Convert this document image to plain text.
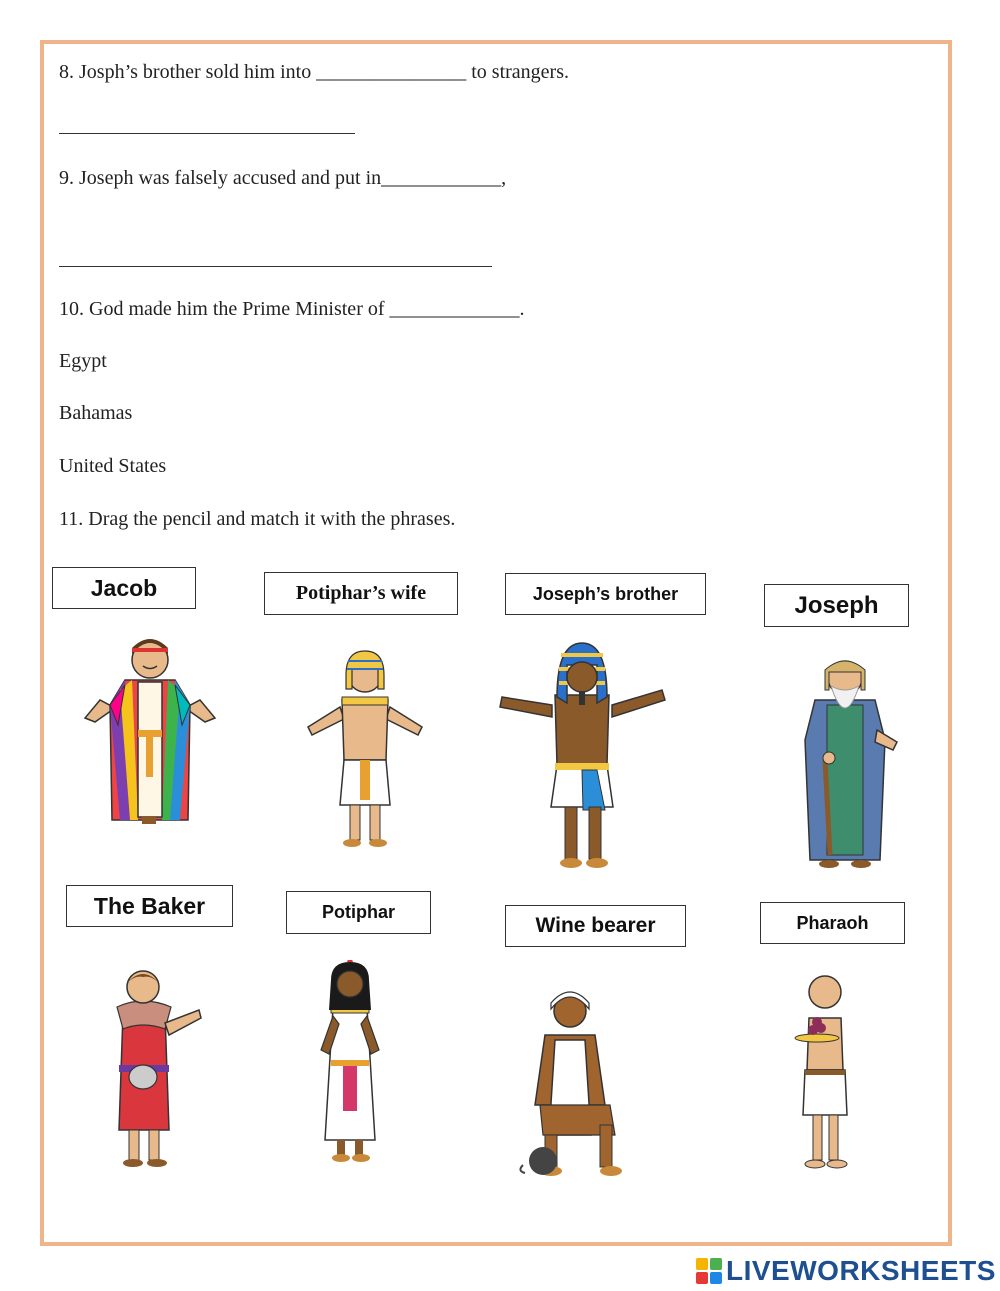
8. Josph’s brother sold him into _______________ to strangers.
9. Joseph was falsely accused and put in____________,
10. God made him the Prime Minister of _____________.
Egypt
Bahamas
United States
11. Drag the pencil and match it with the phrases.
Jacob	Potiphar’s wife	Joseph’s brother	Joseph
The Baker	Potiphar
Wine bearer	Pharaoh
LIVEWORKSHEETS
